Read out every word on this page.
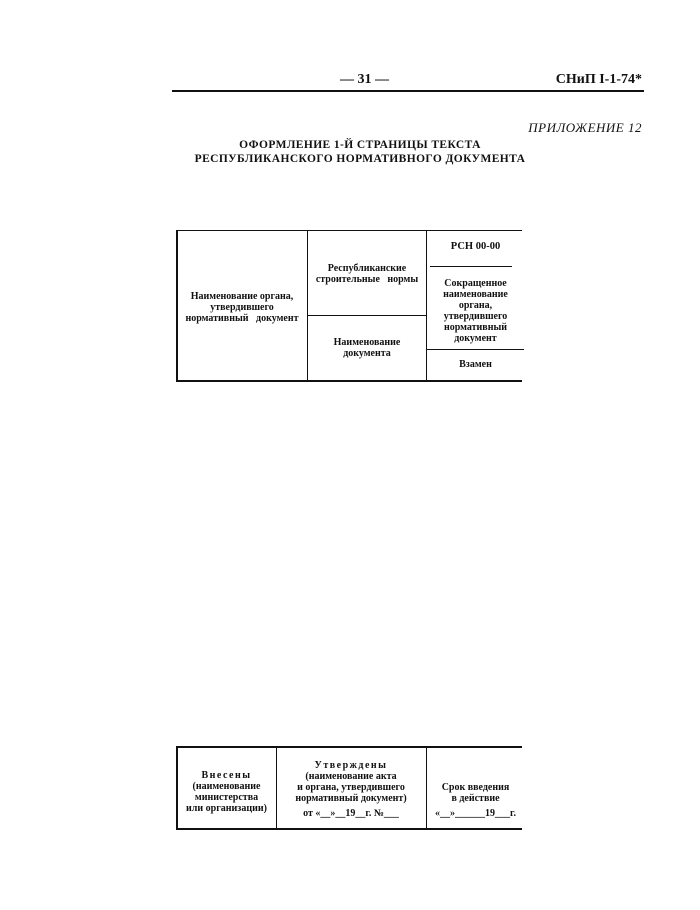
— 31 —	СНиП I-1-74*
ПРИЛОЖЕНИЕ 12
ОФОРМЛЕНИЕ 1-Й СТРАНИЦЫ ТЕКСТА
РЕСПУБЛИКАНСКОГО НОРМАТИВНОГО ДОКУМЕНТА
Наименование органа,
утвердившего
нормативный   документ
Республиканские
строительные   нормы
Наименование
документа
РСН 00-00
Сокращенное
наименование
органа,
утвердившего
нормативный
документ
Взамен
Внесены
(наименование
министерства
или организации)
Утверждены
(наименование акта
и органа, утвердившего
нормативный документ)
от «__»__19__г. №___
Срок введения
в действие
«__»______19___г.
